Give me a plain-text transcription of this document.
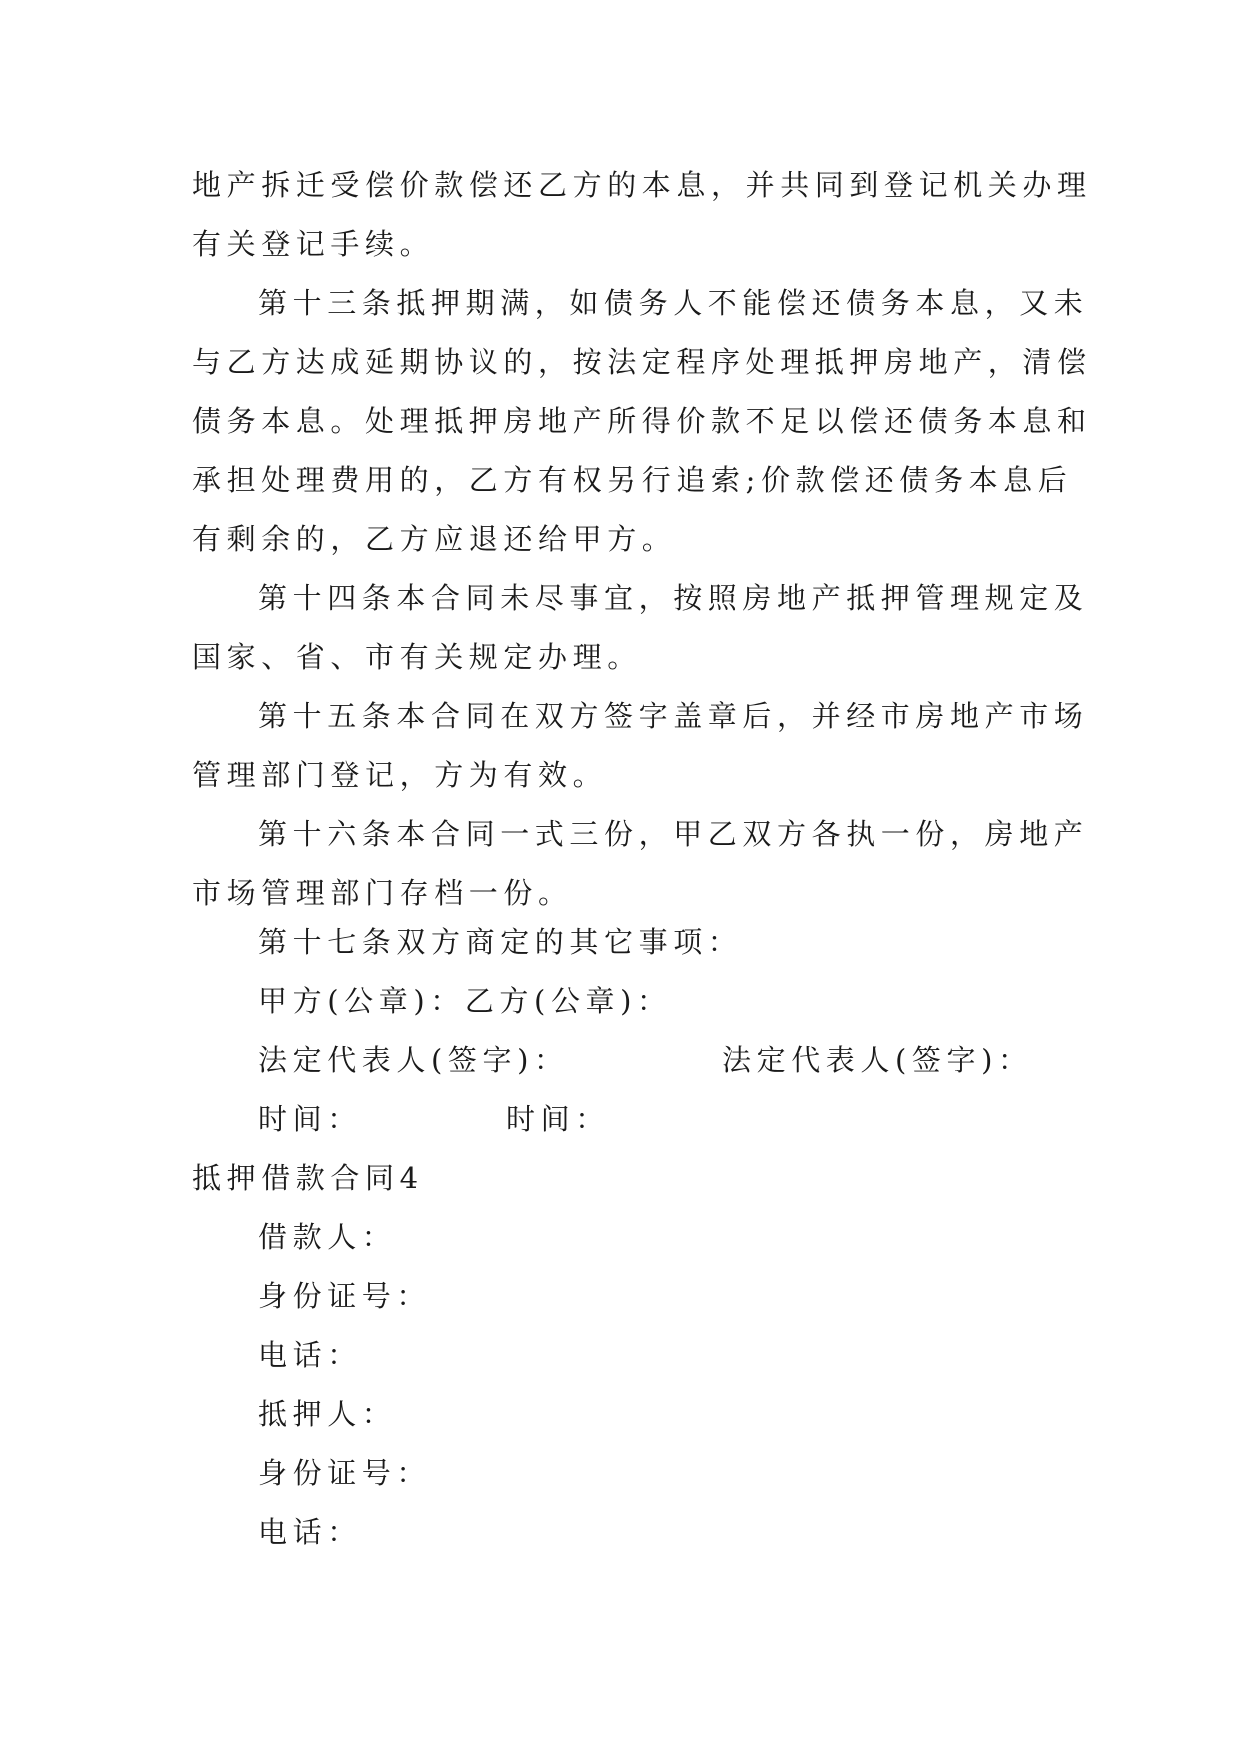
地产拆迁受偿价款偿还乙方的本息，并共同到登记机关办理
有关登记手续。
第十三条抵押期满，如债务人不能偿还债务本息，又未
与乙方达成延期协议的，按法定程序处理抵押房地产，清偿
债务本息。处理抵押房地产所得价款不足以偿还债务本息和
承担处理费用的，乙方有权另行追索;价款偿还债务本息后
有剩余的，乙方应退还给甲方。
第十四条本合同未尽事宜，按照房地产抵押管理规定及
国家、省、市有关规定办理。
第十五条本合同在双方签字盖章后，并经市房地产市场
管理部门登记，方为有效。
第十六条本合同一式三份，甲乙双方各执一份，房地产
市场管理部门存档一份。
第十七条双方商定的其它事项：
甲方(公章)：乙方(公章)：
法定代表人(签字)：	法定代表人(签字)：
时间：	时间：
抵押借款合同4
借款人：
身份证号：
电话：
抵押人：
身份证号：
电话：
